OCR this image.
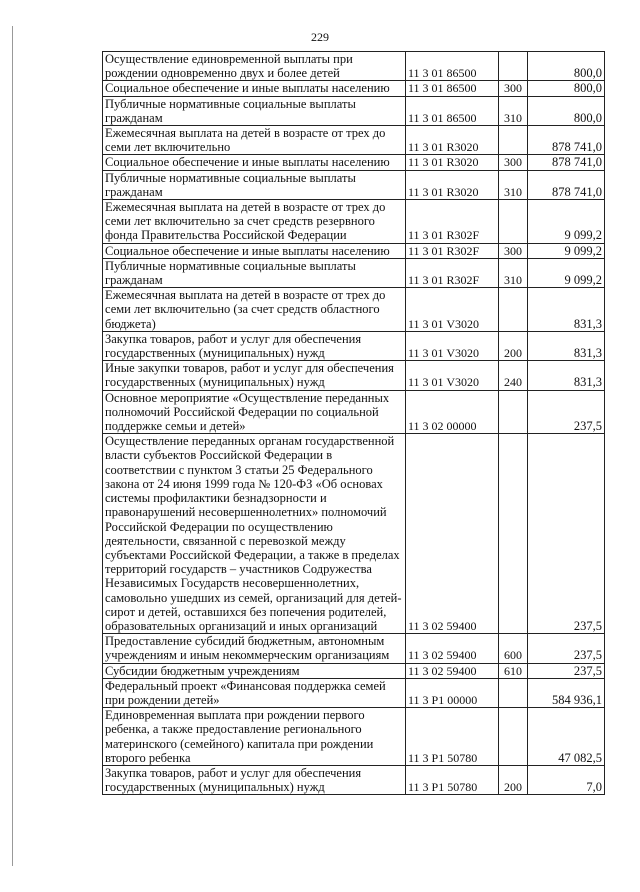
229
Осуществление единовременной выплаты при рождении одновременно двух и более детей	11 3 01 86500		800,0
Социальное обеспечение и иные выплаты населению	11 3 01 86500	300	800,0
Публичные нормативные социальные выплаты гражданам	11 3 01 86500	310	800,0
Ежемесячная выплата на детей в возрасте от трех до семи лет включительно	11 3 01 R3020		878 741,0
Социальное обеспечение и иные выплаты населению	11 3 01 R3020	300	878 741,0
Публичные нормативные социальные выплаты гражданам	11 3 01 R3020	310	878 741,0
Ежемесячная выплата на детей в возрасте от трех до семи лет включительно за счет средств резервного фонда Правительства Российской Федерации	11 3 01 R302F		9 099,2
Социальное обеспечение и иные выплаты населению	11 3 01 R302F	300	9 099,2
Публичные нормативные социальные выплаты гражданам	11 3 01 R302F	310	9 099,2
Ежемесячная выплата на детей в возрасте от трех до семи лет включительно (за счет средств областного бюджета)	11 3 01 V3020		831,3
Закупка товаров, работ и услуг для обеспечения государственных (муниципальных) нужд	11 3 01 V3020	200	831,3
Иные закупки товаров, работ и услуг для обеспечения государственных (муниципальных) нужд	11 3 01 V3020	240	831,3
Основное мероприятие «Осуществление переданных полномочий Российской Федерации по социальной поддержке семьи и детей»	11 3 02 00000		237,5
Осуществление переданных органам государственной власти субъектов Российской Федерации в соответствии с пунктом 3 статьи 25 Федерального закона от 24 июня 1999 года № 120-ФЗ «Об основах системы профилактики безнадзорности и правонарушений несовершеннолетних» полномочий Российской Федерации по осуществлению деятельности, связанной с перевозкой между субъектами Российской Федерации, а также в пределах территорий государств – участников Содружества Независимых Государств несовершеннолетних, самовольно ушедших из семей, организаций для детей-сирот и детей, оставшихся без попечения родителей, образовательных организаций и иных организаций	11 3 02 59400		237,5
Предоставление субсидий бюджетным, автономным учреждениям и иным некоммерческим организациям	11 3 02 59400	600	237,5
Субсидии бюджетным учреждениям	11 3 02 59400	610	237,5
Федеральный проект «Финансовая поддержка семей при рождении детей»	11 3 P1 00000		584 936,1
Единовременная выплата при рождении первого ребенка, а также предоставление регионального материнского (семейного) капитала при рождении второго ребенка	11 3 P1 50780		47 082,5
Закупка товаров, работ и услуг для обеспечения государственных (муниципальных) нужд	11 3 P1 50780	200	7,0
